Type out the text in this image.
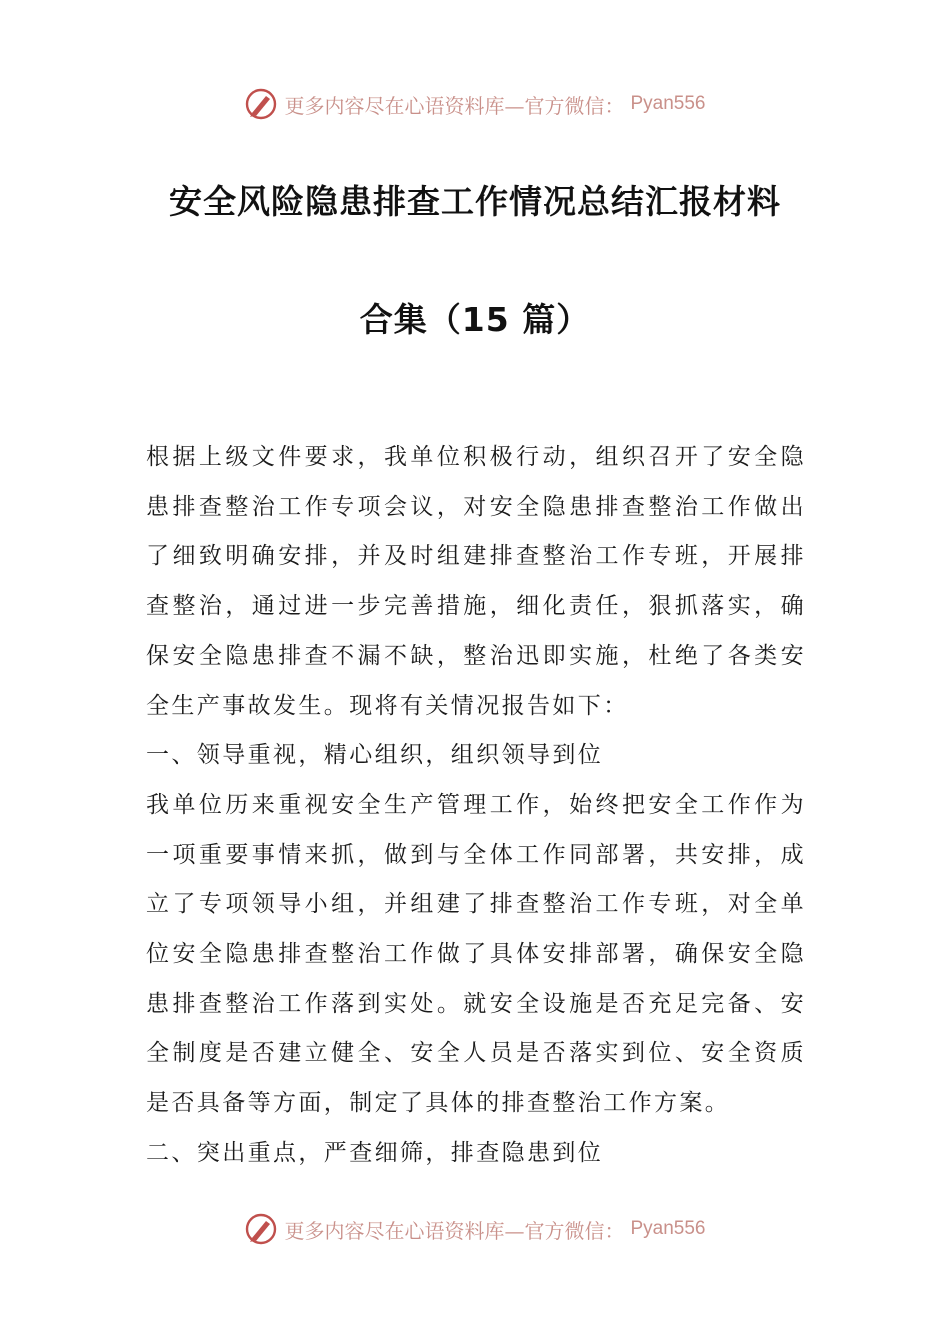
更多内容尽在心语资料库—官方微信： Pyan556
安全风险隐患排查工作情况总结汇报材料
合集（15 篇）

根据上级文件要求，我单位积极行动，组织召开了安全隐患排查整治工作专项会议，对安全隐患排查整治工作做出了细致明确安排，并及时组建排查整治工作专班，开展排查整治，通过进一步完善措施，细化责任，狠抓落实，确保安全隐患排查不漏不缺，整治迅即实施，杜绝了各类安全生产事故发生。现将有关情况报告如下：

一、领导重视，精心组织，组织领导到位

我单位历来重视安全生产管理工作，始终把安全工作作为一项重要事情来抓，做到与全体工作同部署，共安排，成立了专项领导小组，并组建了排查整治工作专班，对全单位安全隐患排查整治工作做了具体安排部署，确保安全隐患排查整治工作落到实处。就安全设施是否充足完备、安全制度是否建立健全、安全人员是否落实到位、安全资质是否具备等方面，制定了具体的排查整治工作方案。

二、突出重点，严查细筛，排查隐患到位

更多内容尽在心语资料库—官方微信： Pyan556
